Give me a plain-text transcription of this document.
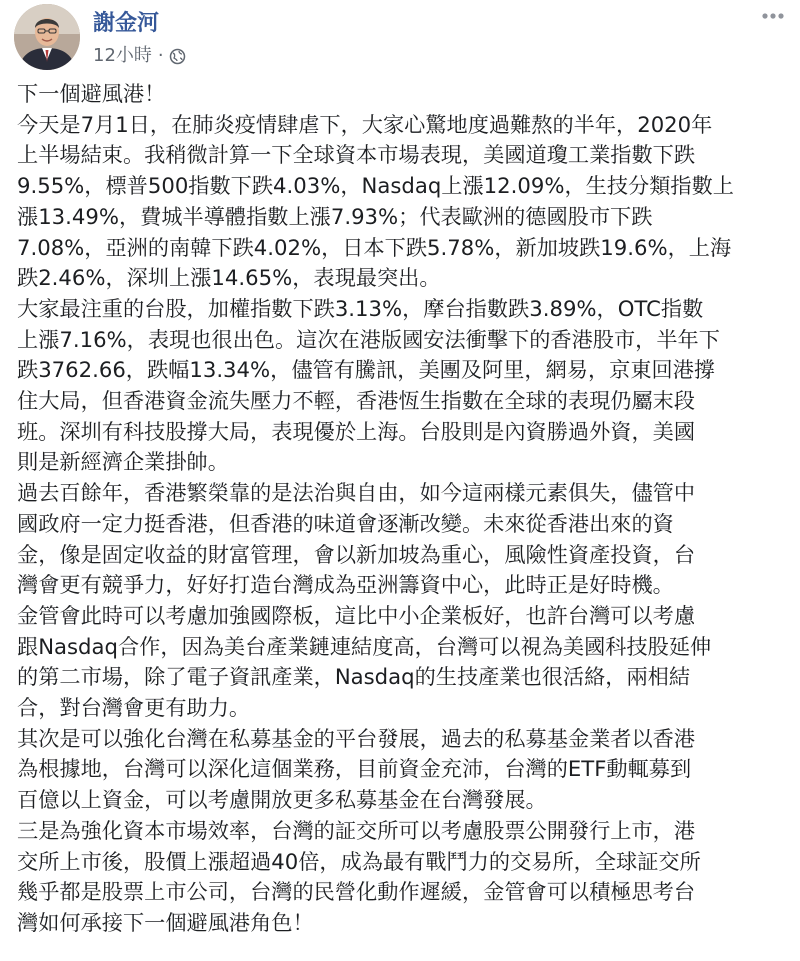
謝金河
12小時 ·
下一個避風港！
今天是7月1日，在肺炎疫情肆虐下，大家心驚地度過難熬的半年，2020年
上半場結束。我稍微計算一下全球資本市場表現，美國道瓊工業指數下跌
9.55%，標普500指數下跌4.03%，Nasdaq上漲12.09%，生技分類指數上
漲13.49%，費城半導體指數上漲7.93%；代表歐洲的德國股市下跌
7.08%，亞洲的南韓下跌4.02%，日本下跌5.78%，新加坡跌19.6%，上海
跌2.46%，深圳上漲14.65%，表現最突出。
大家最注重的台股，加權指數下跌3.13%，摩台指數跌3.89%，OTC指數
上漲7.16%，表現也很出色。這次在港版國安法衝擊下的香港股市，半年下
跌3762.66，跌幅13.34%，儘管有騰訊，美團及阿里，網易，京東回港撐
住大局，但香港資金流失壓力不輕，香港恆生指數在全球的表現仍屬末段
班。深圳有科技股撐大局，表現優於上海。台股則是內資勝過外資，美國
則是新經濟企業掛帥。
過去百餘年，香港繁榮靠的是法治與自由，如今這兩樣元素俱失，儘管中
國政府一定力挺香港，但香港的味道會逐漸改變。未來從香港出來的資
金，像是固定收益的財富管理，會以新加坡為重心，風險性資產投資，台
灣會更有競爭力，好好打造台灣成為亞洲籌資中心，此時正是好時機。
金管會此時可以考慮加強國際板，這比中小企業板好，也許台灣可以考慮
跟Nasdaq合作，因為美台產業鏈連結度高，台灣可以視為美國科技股延伸
的第二市場，除了電子資訊產業，Nasdaq的生技產業也很活絡，兩相結
合，對台灣會更有助力。
其次是可以強化台灣在私募基金的平台發展，過去的私募基金業者以香港
為根據地，台灣可以深化這個業務，目前資金充沛，台灣的ETF動輒募到
百億以上資金，可以考慮開放更多私募基金在台灣發展。
三是為強化資本市場效率，台灣的証交所可以考慮股票公開發行上市，港
交所上市後，股價上漲超過40倍，成為最有戰鬥力的交易所，全球証交所
幾乎都是股票上市公司，台灣的民營化動作遲緩，金管會可以積極思考台
灣如何承接下一個避風港角色！
